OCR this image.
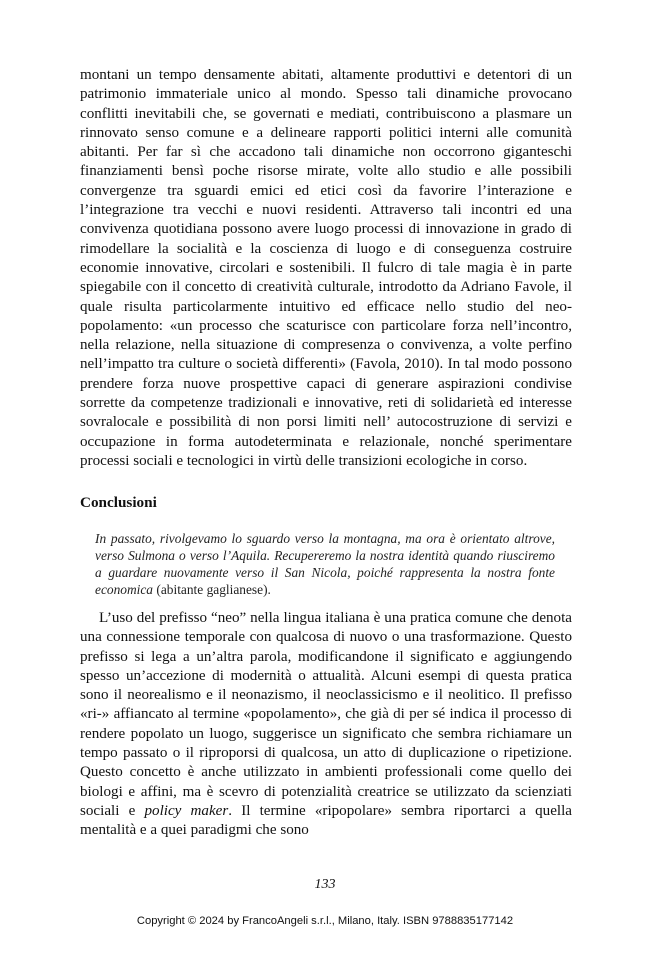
montani un tempo densamente abitati, altamente produttivi e detentori di un patrimonio immateriale unico al mondo. Spesso tali dinamiche provocano conflitti inevitabili che, se governati e mediati, contribuiscono a plasmare un rinnovato senso comune e a delineare rapporti politici interni alle comunità abitanti. Per far sì che accadono tali dinamiche non occorrono giganteschi finanziamenti bensì poche risorse mirate, volte allo studio e alle possibili convergenze tra sguardi emici ed etici così da favorire l’interazione e l’integrazione tra vecchi e nuovi residenti. Attraverso tali incontri ed una convivenza quotidiana possono avere luogo processi di innovazione in grado di rimodellare la socialità e la coscienza di luogo e di conseguenza costruire economie innovative, circolari e sostenibili. Il fulcro di tale magia è in parte spiegabile con il concetto di creatività culturale, introdotto da Adriano Favole, il quale risulta particolarmente intuitivo ed efficace nello studio del neo-popolamento: «un processo che scaturisce con particolare forza nell’incontro, nella relazione, nella situazione di compresenza o convivenza, a volte perfino nell’impatto tra culture o società differenti» (Favola, 2010). In tal modo possono prendere forza nuove prospettive capaci di generare aspirazioni condivise sorrette da competenze tradizionali e innovative, reti di solidarietà ed interesse sovralocale e possibilità di non porsi limiti nell’ autocostruzione di servizi e occupazione in forma autodeterminata e relazionale, nonché sperimentare processi sociali e tecnologici in virtù delle transizioni ecologiche in corso.

Conclusioni

In passato, rivolgevamo lo sguardo verso la montagna, ma ora è orientato altrove, verso Sulmona o verso l’Aquila. Recupereremo la nostra identità quando riusciremo a guardare nuovamente verso il San Nicola, poiché rappresenta la nostra fonte economica (abitante gaglianese).

L’uso del prefisso “neo” nella lingua italiana è una pratica comune che denota una connessione temporale con qualcosa di nuovo o una trasformazione. Questo prefisso si lega a un’altra parola, modificandone il significato e aggiungendo spesso un’accezione di modernità o attualità. Alcuni esempi di questa pratica sono il neorealismo e il neonazismo, il neoclassicismo e il neolitico. Il prefisso «ri-» affiancato al termine «popolamento», che già di per sé indica il processo di rendere popolato un luogo, suggerisce un significato che sembra richiamare un tempo passato o il riproporsi di qualcosa, un atto di duplicazione o ripetizione. Questo concetto è anche utilizzato in ambienti professionali come quello dei biologi e affini, ma è scevro di potenzialità creatrice se utilizzato da scienziati sociali e policy maker. Il termine «ripopolare» sembra riportarci a quella mentalità e a quei paradigmi che sono

133
Copyright © 2024 by FrancoAngeli s.r.l., Milano, Italy. ISBN 9788835177142
